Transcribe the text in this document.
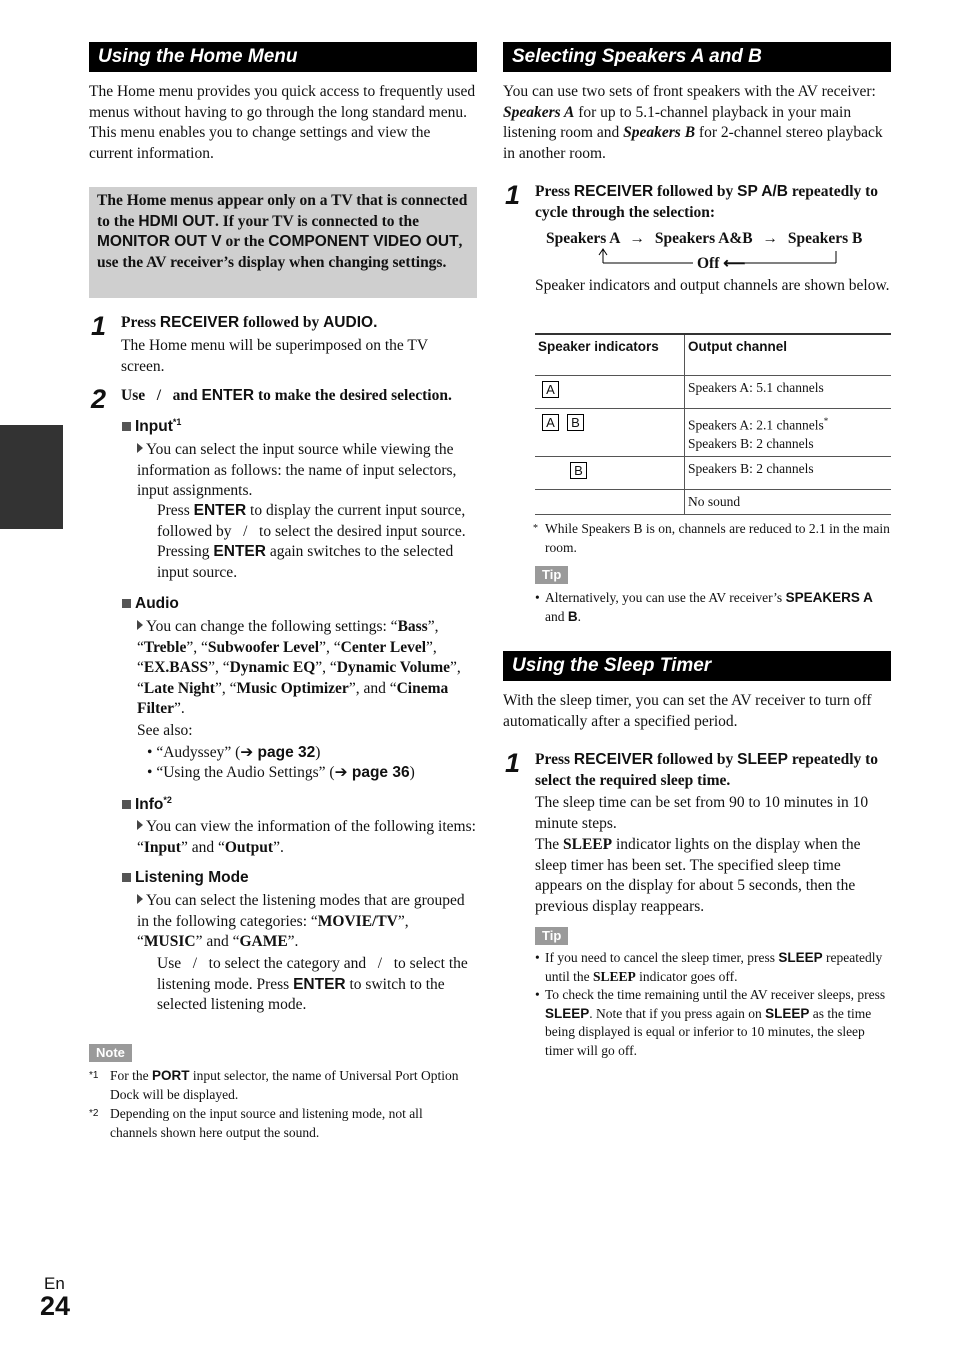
Using the Home Menu
The Home menu provides you quick access to frequently used menus without having to go through the long standard menu. This menu enables you to change settings and view the current information.
The Home menus appear only on a TV that is connected to the HDMI OUT. If your TV is connected to the MONITOR OUT V or the COMPONENT VIDEO OUT, use the AV receiver’s display when changing settings.
1 Press RECEIVER followed by AUDIO.
The Home menu will be superimposed on the TV screen.
2 Use   /   and ENTER to make the desired selection.
Input$^{*1}$
You can select the input source while viewing the information as follows: the name of input selectors, input assignments.
Press ENTER to display the current input source, followed by   /   to select the desired input source. Pressing ENTER again switches to the selected input source.
Audio
You can change the following settings: “Bass”, “Treble”, “Subwoofer Level”, “Center Level”, “EX.BASS”, “Dynamic EQ”, “Dynamic Volume”, “Late Night”, “Music Optimizer”, and “Cinema Filter”.
See also:
• “Audyssey” (➔ page 32)
• “Using the Audio Settings” (➔ page 36)
Info$^{*2}$
You can view the information of the following items: “Input” and “Output”.
Listening Mode
You can select the listening modes that are grouped in the following categories: “MOVIE/TV”, “MUSIC” and “GAME”.
Use   /   to select the category and   /   to select the listening mode. Press ENTER to switch to the selected listening mode.
Note
$^{*1}$ For the PORT input selector, the name of Universal Port Option Dock will be displayed.
$^{*2}$ Depending on the input source and listening mode, not all channels shown here output the sound.
Selecting Speakers A and B
You can use two sets of front speakers with the AV receiver: Speakers A for up to 5.1-channel playback in your main listening room and Speakers B for 2-channel stereo playback in another room.
1 Press RECEIVER followed by SP A/B repeatedly to cycle through the selection:
Speakers A → Speakers A&B → Speakers B
Off ⟵
Speaker indicators and output channels are shown below.
Speaker indicators	Output channel
A	Speakers A: 5.1 channels
A B	Speakers A: 2.1 channels*
Speakers B: 2 channels
B	Speakers B: 2 channels
	No sound
* While Speakers B is on, channels are reduced to 2.1 in the main room.
Tip
• Alternatively, you can use the AV receiver’s SPEAKERS A and B.
Using the Sleep Timer
With the sleep timer, you can set the AV receiver to turn off automatically after a specified period.
1 Press RECEIVER followed by SLEEP repeatedly to select the required sleep time.
The sleep time can be set from 90 to 10 minutes in 10 minute steps.
The SLEEP indicator lights on the display when the sleep timer has been set. The specified sleep time appears on the display for about 5 seconds, then the previous display reappears.
Tip
• If you need to cancel the sleep timer, press SLEEP repeatedly until the SLEEP indicator goes off.
• To check the time remaining until the AV receiver sleeps, press SLEEP. Note that if you press again on SLEEP as the time being displayed is equal or inferior to 10 minutes, the sleep timer will go off.
En
24
